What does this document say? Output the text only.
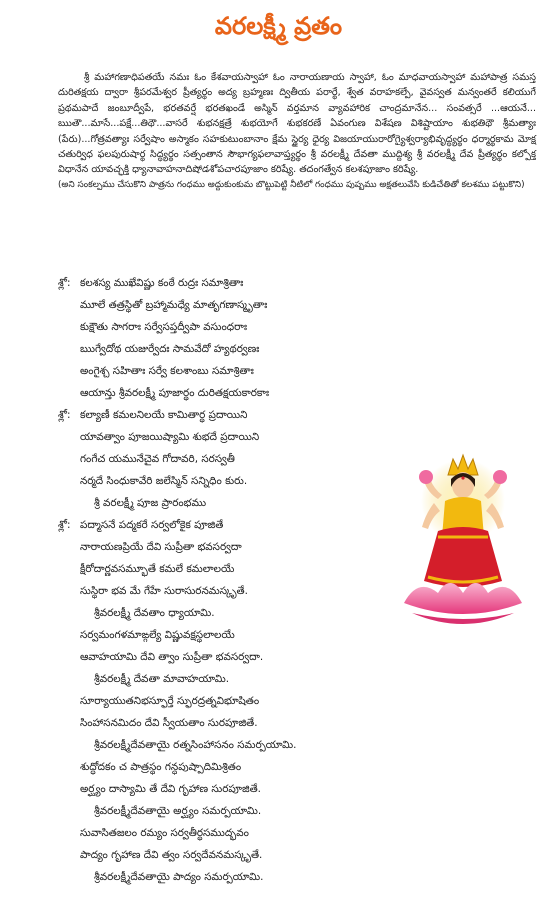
వరలక్ష్మీ వ్రతం

శ్రీ మహాగణాధిపతయే నమః ఓం కేశవాయస్వాహా ఓం నారాయణాయ స్వాహా, ఓం మాధవాయస్వాహా మహాపాత్ర సమస్త దురితక్షయ ద్వారా శ్రీపరమేశ్వర ప్రీత్యర్థం అద్య బ్రహ్మణః ద్వితీయ పరార్థే, శ్వేత వరాహకల్పే, వైవస్వత మన్వంతరే కలియుగే ప్రథమపాదే జంబూద్వీపే, భరతవర్షే భరతఖండే అస్మిన్ వర్తమాన వ్యావహారిక చాంద్రమానేన... సంవత్సరే ...ఆయనే... ఋతౌ...మాసే...పక్షే...తిథౌ...వాసరే శుభనక్షత్రే శుభయోగే శుభకరణే ఏవంగుణ విశేషణ విశిష్టాయాం శుభతిథౌ శ్రీమత్యాః (పేరు)...గోత్రవత్యాః సర్వేషాం అస్మాకం సహకుటుంబానాం క్షేమ స్థైర్య ధైర్య విజయాయురారోగ్యైశ్వర్యాభివృద్ధ్యర్థం ధర్మార్థకామ మోక్ష చతుర్విధ ఫలపురుషార్థ సిద్ధ్యర్థం సత్సంతాన సౌభాగ్యఫలావాప్త్యర్థం శ్రీ వరలక్ష్మీ దేవతా ముద్దిశ్య శ్రీ వరలక్ష్మీ దేవ ప్రీత్యర్థం కల్పోక్త విధానేన యావచ్ఛక్తి ధ్యానావాహనాదిషోడశోపచారపూజాం కరిష్యే. తదంగత్వేన కలశపూజాం కరిష్యే.

(అని సంకల్పము చేసుకొని పాత్రను గంధము అద్దుకుంకుమ బొట్టుపెట్టి నీటిలో గంధము పుష్పము అక్షతలువేసి కుడిచేతితో కలశము పట్టుకొని)
శ్లో: కలశస్య ముఖేవిష్ణు కంఠే రుద్రః సమాశ్రితాః
మూలే తత్రస్థితో బ్రహ్మామధ్యే మాతృగణాస్మృతాః
కుక్షౌతు సాగరాః సర్వేసప్తద్వీపా వసుంధరాః
ఋగ్వేదోథ యజుర్వేదః సామవేదో హ్యథర్వణః
అంగైశ్చ సహితాః సర్వే కలశాంబు సమాశ్రితాః
ఆయాన్తు శ్రీవరలక్ష్మీ పూజార్థం దురితక్షయకారకాః
శ్లో: కల్యాణీ కమలనిలయే కామితార్థ ప్రదాయిని
యావత్వాం పూజయిష్యామి శుభదే ప్రదాయిని
గంగేచ యమునేచైవ గోదావరి, సరస్వతీ
నర్మదే సింధుకావేరి జలేస్మిన్ సన్నిధిం కురు.
శ్రీ వరలక్ష్మీ పూజ ప్రారంభము
శ్లో: పద్మాసనే పద్మకరే సర్వలోకైక పూజితే
నారాయణప్రియే దేవి సుప్రీతా భవసర్వదా
క్షీరోదార్ణవసమ్భూతే కమలే కమలాలయే
సుస్థిరా భవ మే గేహే సురాసురనమస్కృతే.
శ్రీవరలక్ష్మీ దేవతాం ధ్యాయామి.
సర్వమంగళమాఙ్గల్యే విష్ణువక్షస్థలాలయే
ఆవాహయామి దేవి త్వాం సుప్రీతా భవసర్వదా.
శ్రీవరలక్ష్మీ దేవతా మావాహయామి.
సూర్యాయుతనిభస్ఫూర్తే స్ఫురద్రత్నవిభూషితం
సింహాసనమిదం దేవి స్వీయతాం సురపూజితే.
శ్రీవరలక్ష్మీదేవతాయై రత్నసింహాసనం సమర్పయామి.
శుద్ధోదకం చ పాత్రస్థం గన్ధపుష్పాదిమిశ్రితం
అర్ఘ్యం దాస్యామి తే దేవి గృహాణ సురపూజితే.
శ్రీవరలక్ష్మీదేవతాయై అర్ఘ్యం సమర్పయామి.
సువాసితజలం రమ్యం సర్వతీర్థసముద్భవం
పాద్యం గృహాణ దేవి త్వం సర్వదేవనమస్కృతే.
శ్రీవరలక్ష్మీదేవతాయై పాద్యం సమర్పయామి.
